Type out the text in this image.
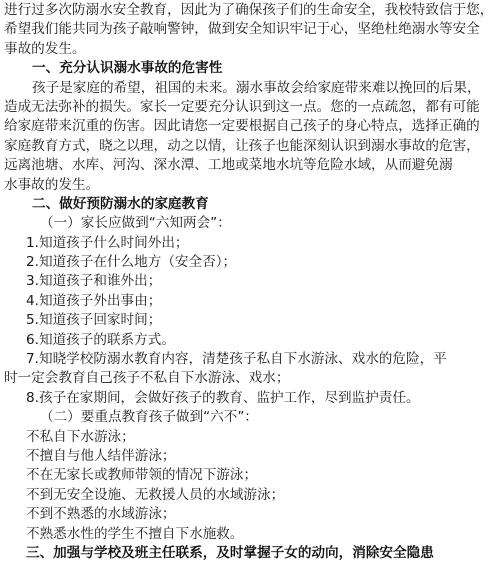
进行过多次防溺水安全教育，因此为了确保孩子们的生命安全，我校特致信于您，
希望我们能共同为孩子敲响警钟，做到安全知识牢记于心，坚绝杜绝溺水等安全
事故的发生。
一、充分认识溺水事故的危害性
孩子是家庭的希望，祖国的未来。溺水事故会给家庭带来难以挽回的后果，
造成无法弥补的损失。家长一定要充分认识到这一点。您的一点疏忽，都有可能
给家庭带来沉重的伤害。因此请您一定要根据自己孩子的身心特点，选择正确的
家庭教育方式，晓之以理，动之以情，让孩子也能深刻认识到溺水事故的危害，
远离池塘、水库、河沟、深水潭、工地或菜地水坑等危险水域，从而避免溺
水事故的发生。
二、做好预防溺水的家庭教育
（一）家长应做到“六知两会”：
1.知道孩子什么时间外出；
2.知道孩子在什么地方（安全否）；
3.知道孩子和谁外出；
4.知道孩子外出事由；
5.知道孩子回家时间；
6.知道孩子的联系方式。
7.知晓学校防溺水教育内容，清楚孩子私自下水游泳、戏水的危险，平
时一定会教育自己孩子不私自下水游泳、戏水；
8.孩子在家期间，会做好孩子的教育、监护工作，尽到监护责任。
（二）要重点教育孩子做到“六不”：
不私自下水游泳；
不擅自与他人结伴游泳；
不在无家长或教师带领的情况下游泳；
不到无安全设施、无救援人员的水域游泳；
不到不熟悉的水域游泳；
不熟悉水性的学生不擅自下水施救。
三、加强与学校及班主任联系，及时掌握子女的动向，消除安全隐患
